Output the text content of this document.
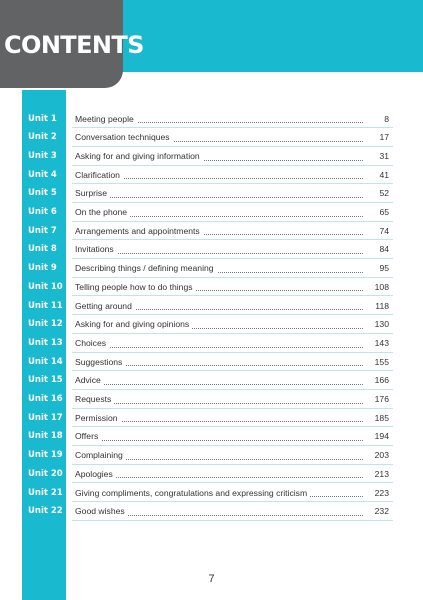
CONTENTS
Unit 1 Meeting people	8
Unit 2 Conversation techniques	17
Unit 3 Asking for and giving information	31
Unit 4 Clarification	41
Unit 5 Surprise	52
Unit 6 On the phone	65
Unit 7 Arrangements and appointments	74
Unit 8 Invitations	84
Unit 9 Describing things / defining meaning	95
Unit 10 Telling people how to do things	108
Unit 11 Getting around	118
Unit 12 Asking for and giving opinions	130
Unit 13 Choices	143
Unit 14 Suggestions	155
Unit 15 Advice	166
Unit 16 Requests	176
Unit 17 Permission	185
Unit 18 Offers	194
Unit 19 Complaining	203
Unit 20 Apologies	213
Unit 21 Giving compliments, congratulations and expressing criticism	223
Unit 22 Good wishes	232
7
